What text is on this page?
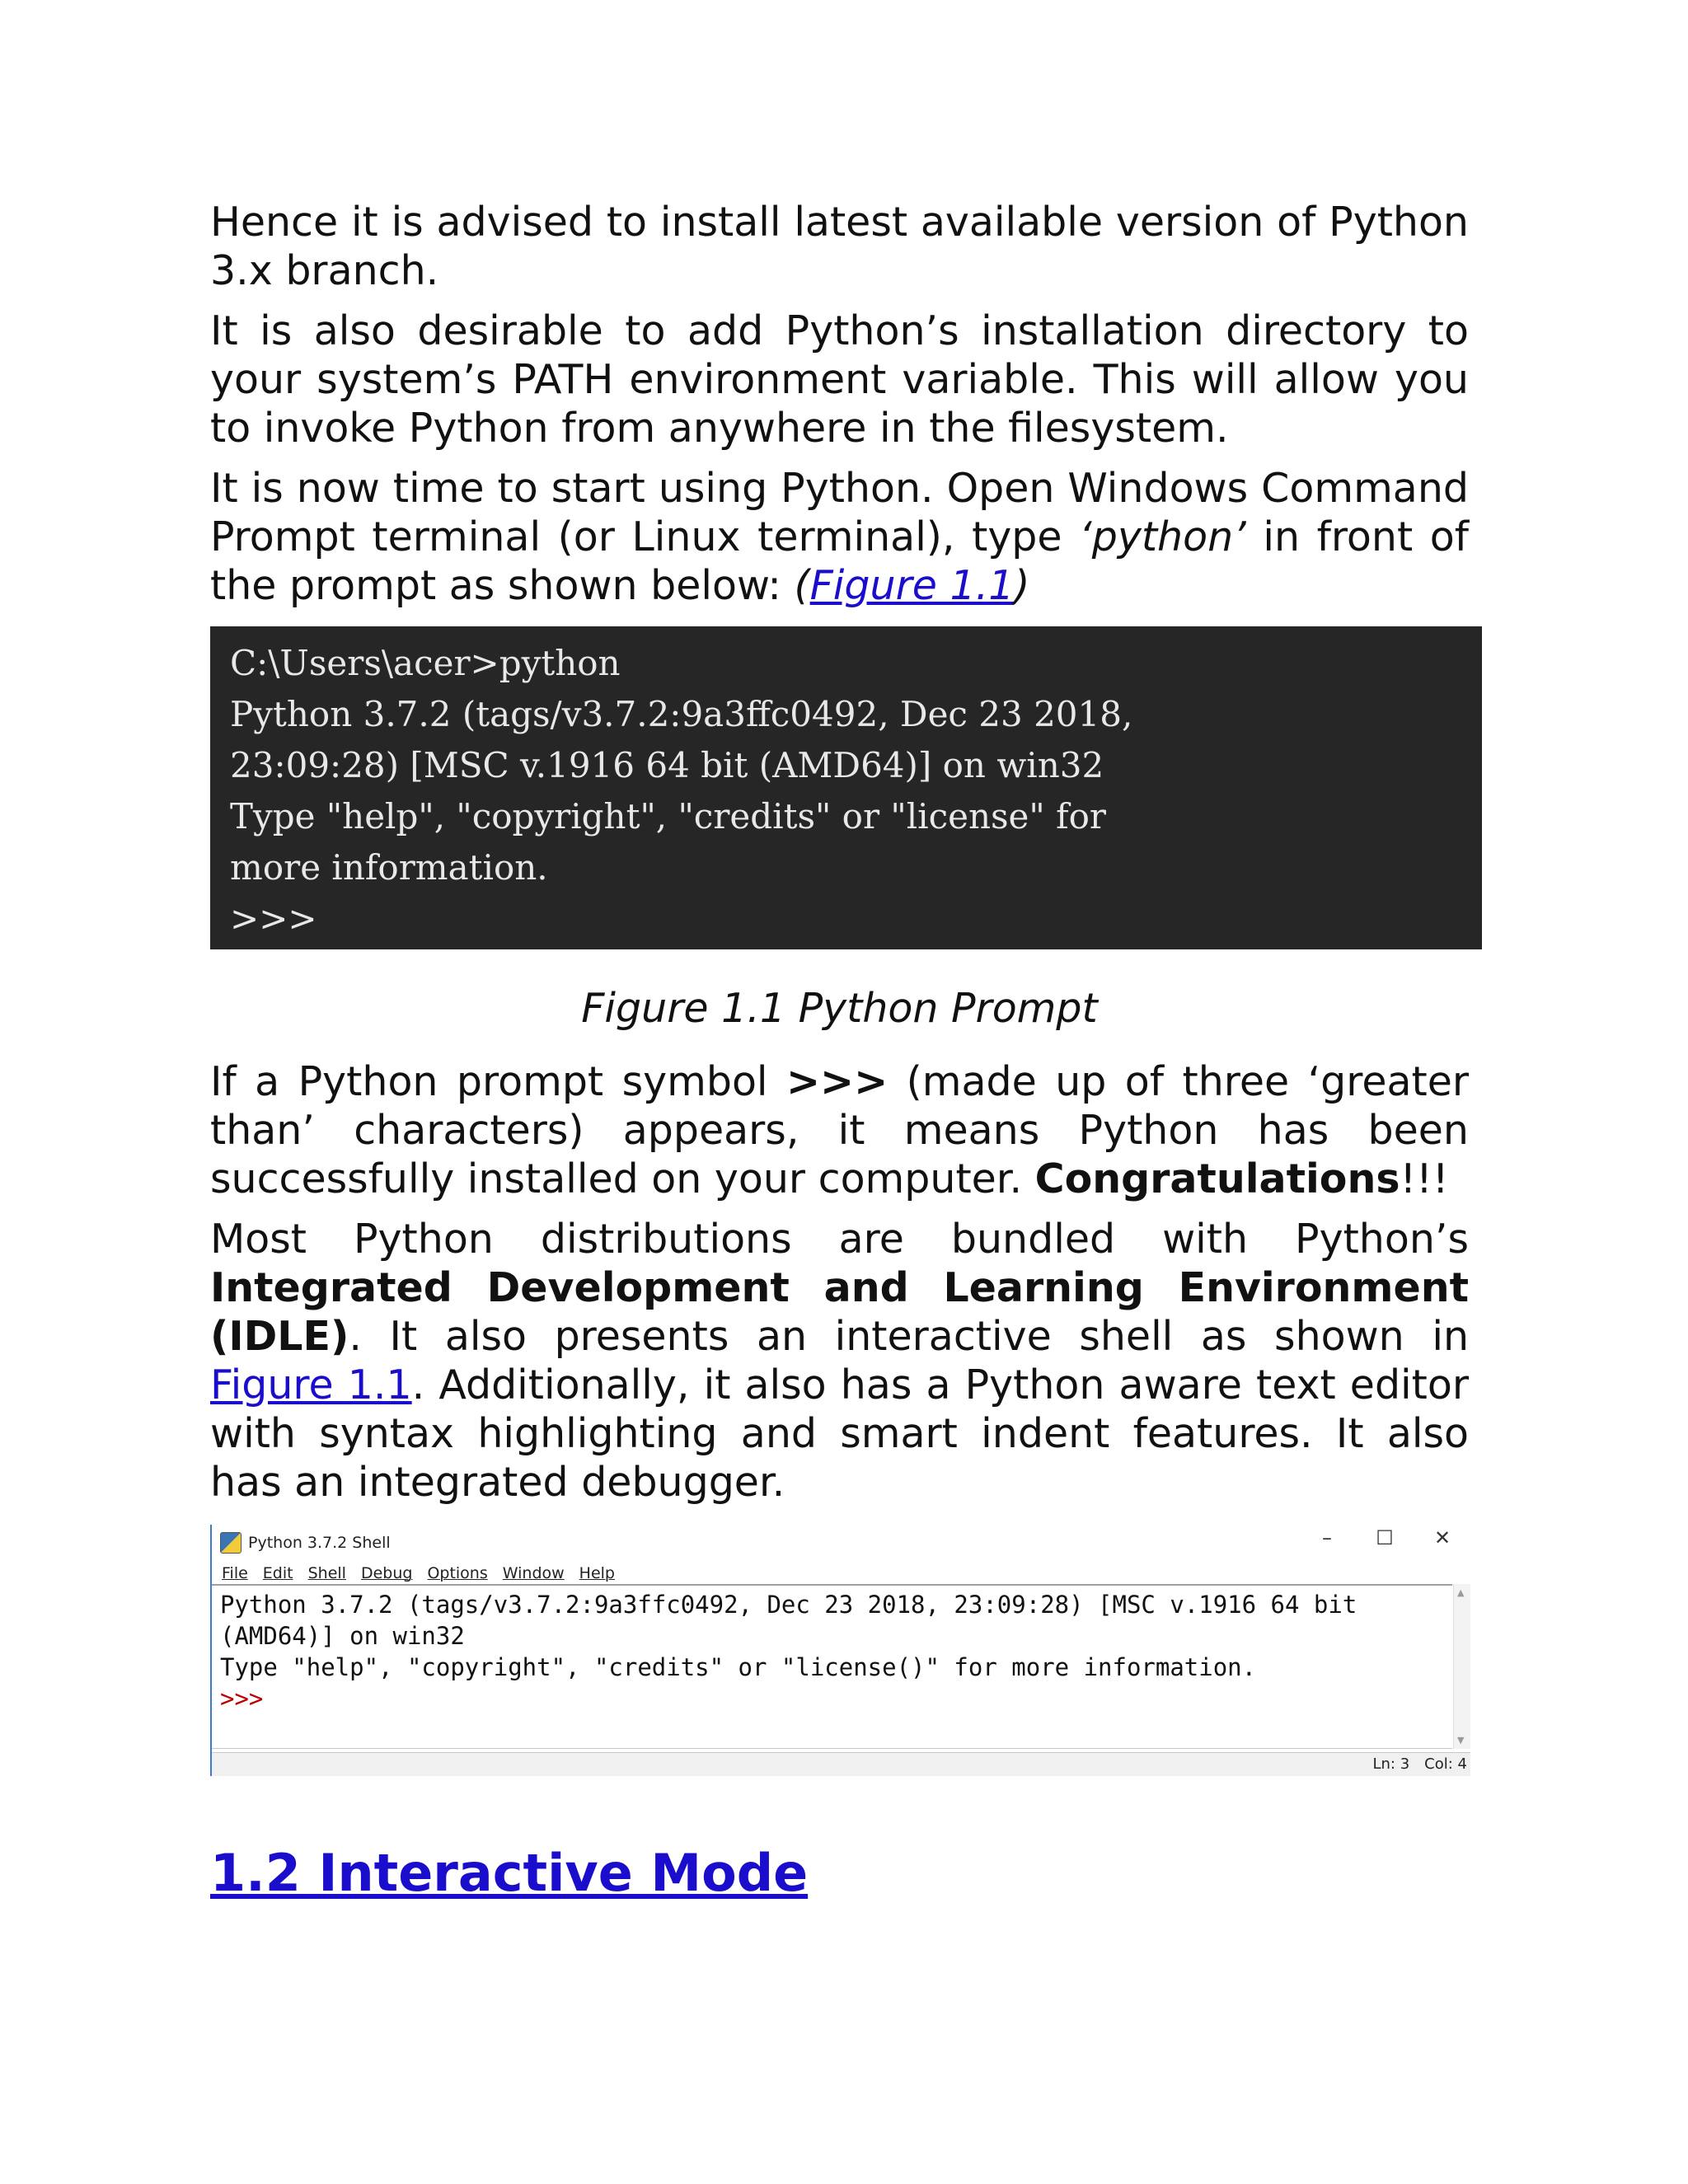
Hence it is advised to install latest available version of Python 3.x branch.

It is also desirable to add Python’s installation directory to your system’s PATH environment variable. This will allow you to invoke Python from anywhere in the filesystem.

It is now time to start using Python. Open Windows Command Prompt terminal (or Linux terminal), type ‘python’ in front of the prompt as shown below: (Figure 1.1)

C:\Users\acer>python
Python 3.7.2 (tags/v3.7.2:9a3ffc0492, Dec 23 2018,
23:09:28) [MSC v.1916 64 bit (AMD64)] on win32
Type "help", "copyright", "credits" or "license" for
more information.
>>>
Figure 1.1 Python Prompt

If a Python prompt symbol >>> (made up of three ‘greater than’ characters) appears, it means Python has been successfully installed on your computer. Congratulations!!!

Most Python distributions are bundled with Python’s Integrated Development and Learning Environment (IDLE). It also presents an interactive shell as shown in Figure 1.1. Additionally, it also has a Python aware text editor with syntax highlighting and smart indent features. It also has an integrated debugger.

Python 3.7.2 Shell	– ☐ ✕
File Edit Shell Debug Options Window Help
Python 3.7.2 (tags/v3.7.2:9a3ffc0492, Dec 23 2018, 23:09:28) [MSC v.1916 64 bit
(AMD64)] on win32
Type "help", "copyright", "credits" or "license()" for more information.
>>>
▲
▼
Ln: 3 Col: 4
1.2 Interactive Mode
